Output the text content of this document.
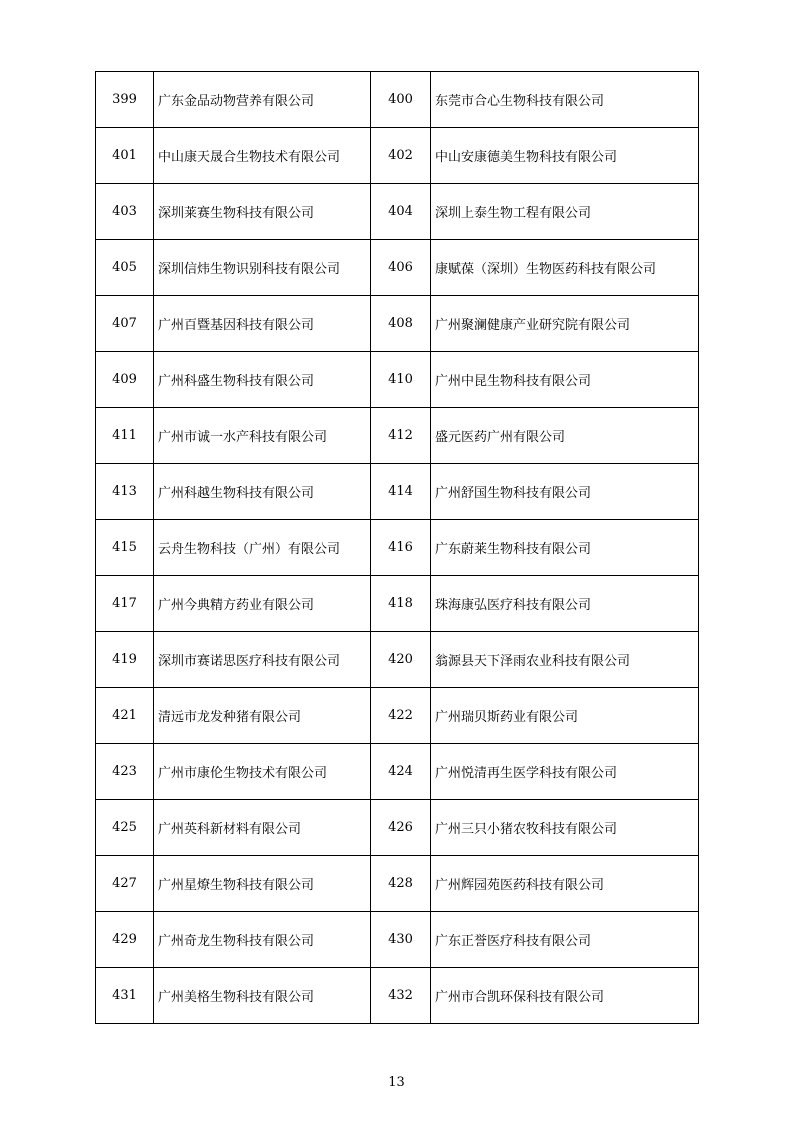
399	广东金品动物营养有限公司	400	东莞市合心生物科技有限公司
401	中山康天晟合生物技术有限公司	402	中山安康德美生物科技有限公司
403	深圳莱赛生物科技有限公司	404	深圳上泰生物工程有限公司
405	深圳信炜生物识别科技有限公司	406	康赋葆（深圳）生物医药科技有限公司
407	广州百暨基因科技有限公司	408	广州聚澜健康产业研究院有限公司
409	广州科盛生物科技有限公司	410	广州中昆生物科技有限公司
411	广州市诚一水产科技有限公司	412	盛元医药广州有限公司
413	广州科越生物科技有限公司	414	广州舒国生物科技有限公司
415	云舟生物科技（广州）有限公司	416	广东蔚莱生物科技有限公司
417	广州今典精方药业有限公司	418	珠海康弘医疗科技有限公司
419	深圳市赛诺思医疗科技有限公司	420	翁源县天下泽雨农业科技有限公司
421	清远市龙发种猪有限公司	422	广州瑞贝斯药业有限公司
423	广州市康伦生物技术有限公司	424	广州悦清再生医学科技有限公司
425	广州英科新材料有限公司	426	广州三只小猪农牧科技有限公司
427	广州星燎生物科技有限公司	428	广州辉园苑医药科技有限公司
429	广州奇龙生物科技有限公司	430	广东正誉医疗科技有限公司
431	广州美格生物科技有限公司	432	广州市合凯环保科技有限公司
13
